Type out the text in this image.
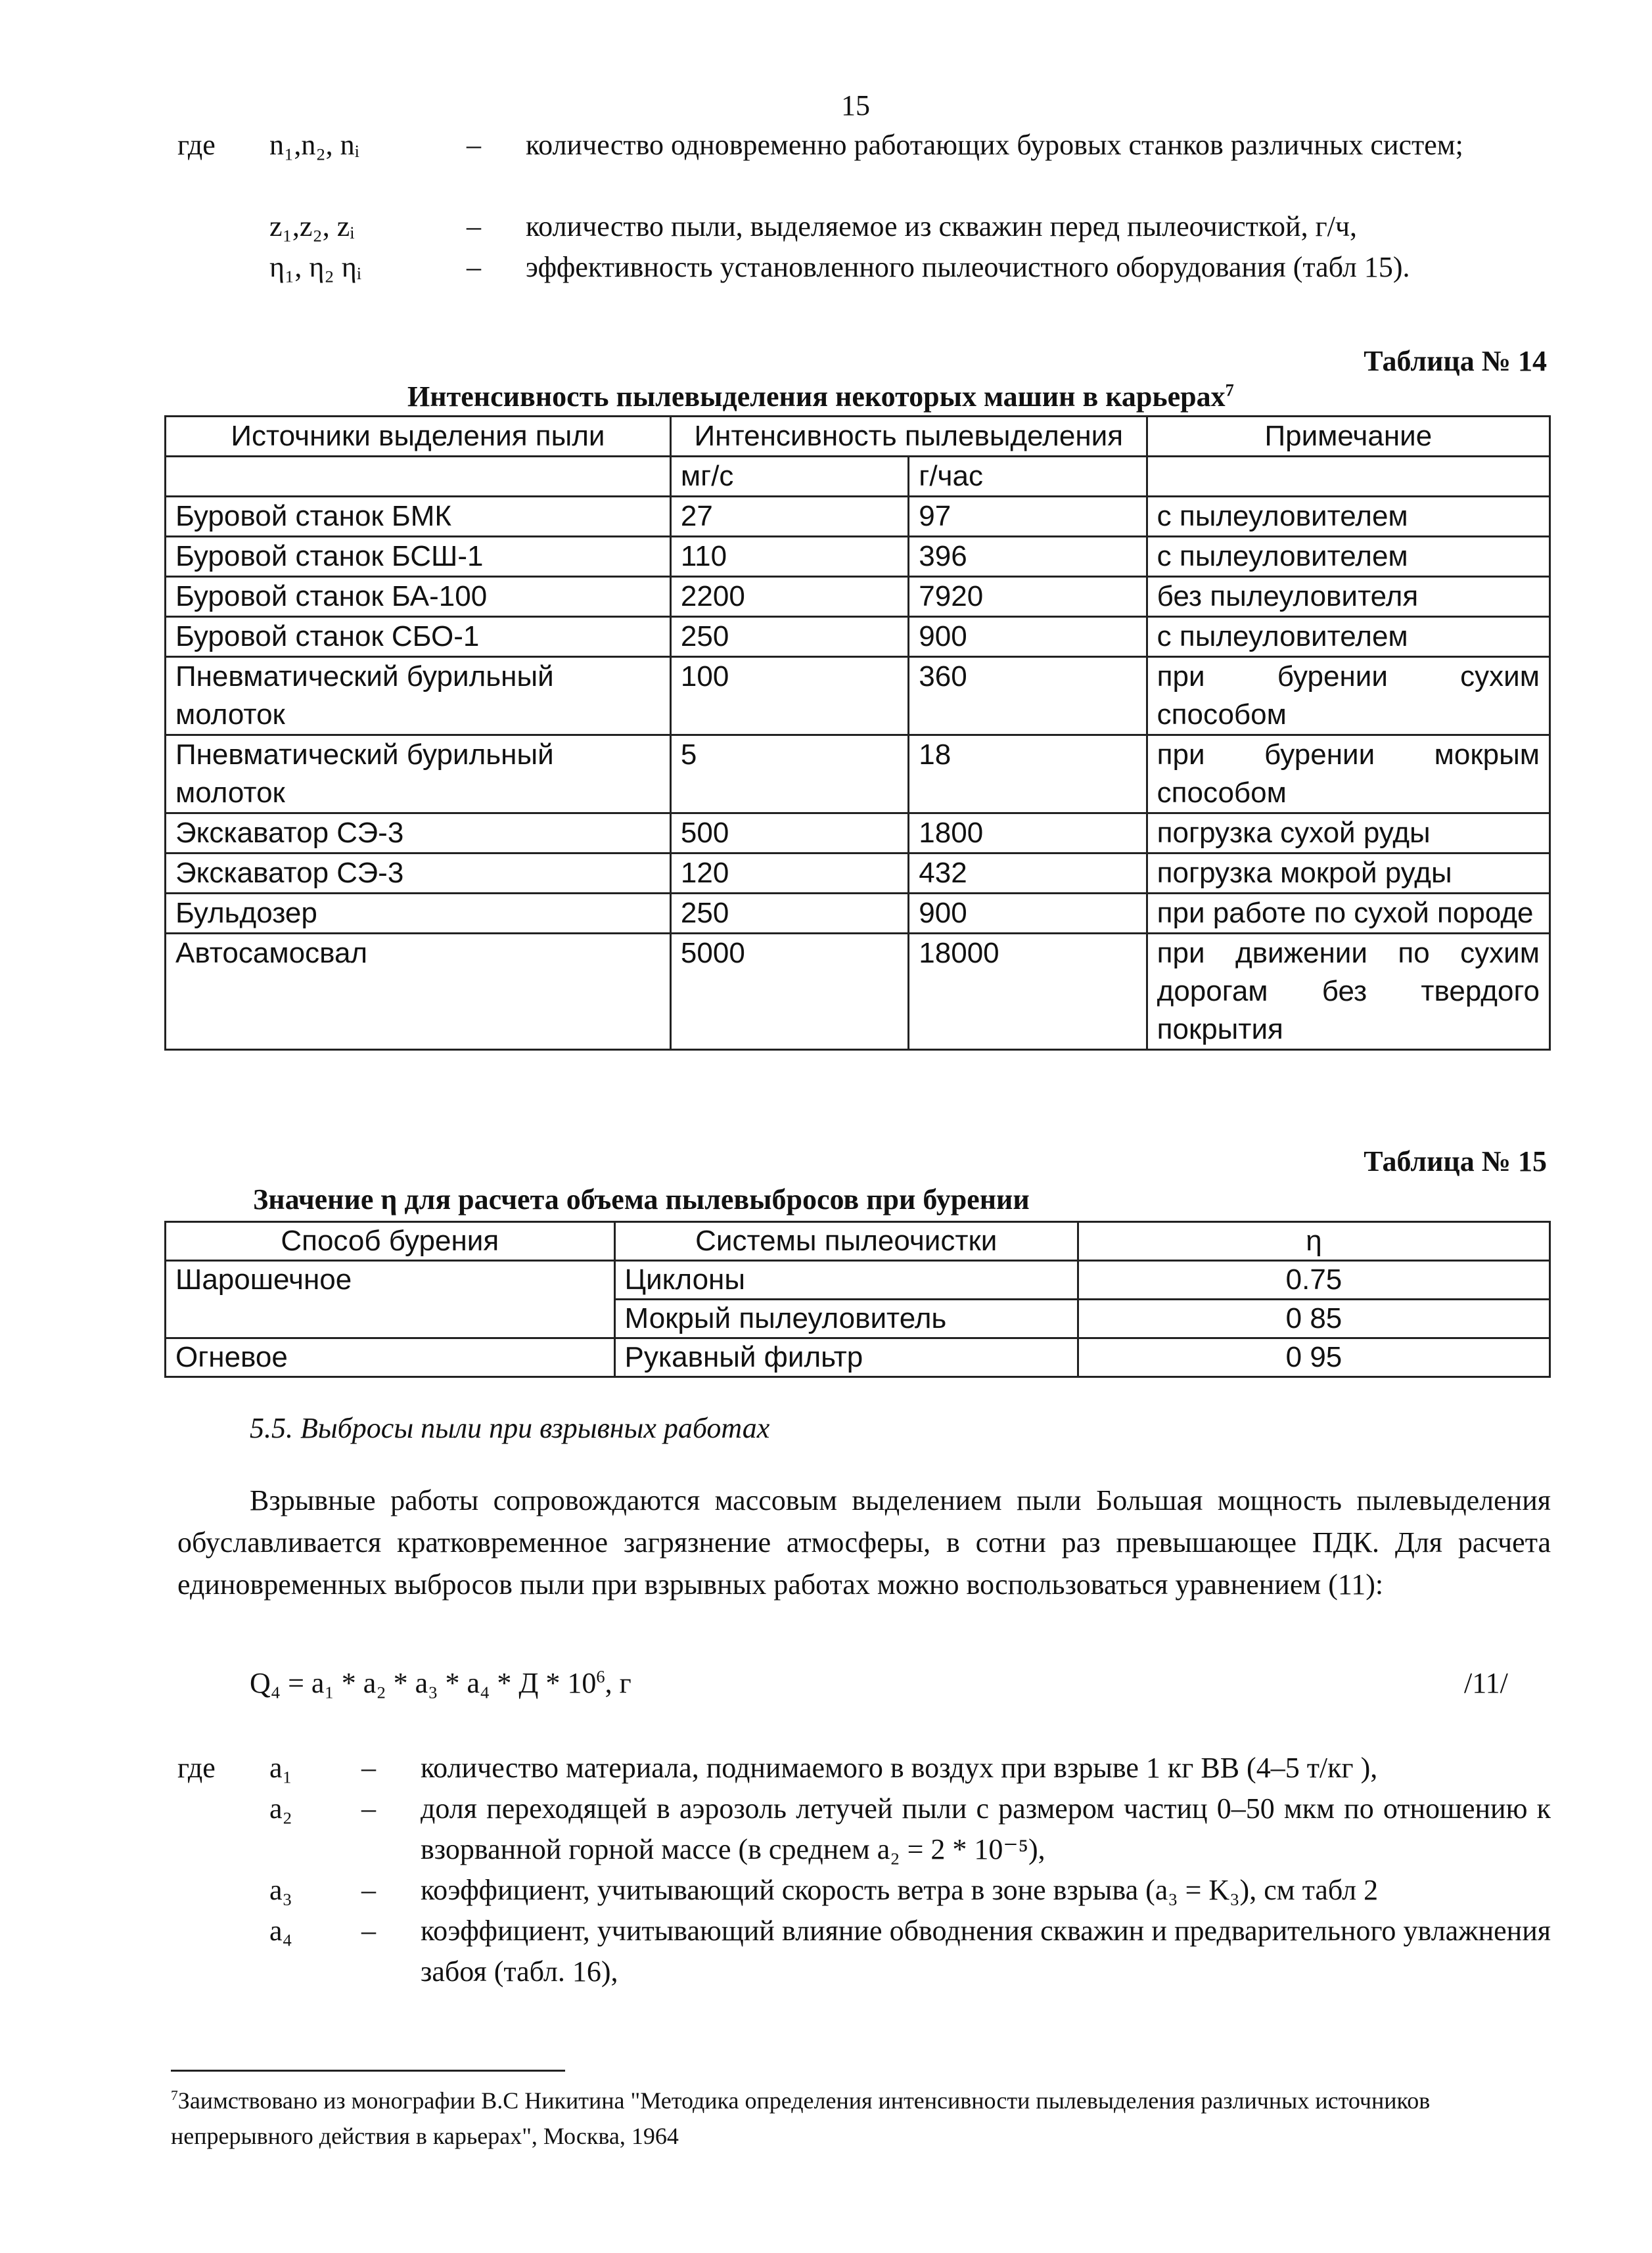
15
где n₁,n₂, nᵢ	– количество одновременно работающих буровых станков различных систем;
z₁,z₂, zᵢ	– количество пыли, выделяемое из скважин перед пылеочисткой, г/ч,
η₁, η₂ ηᵢ	– эффективность установленного пылеочистного оборудования (табл 15).
Таблица № 14
Интенсивность пылевыделения некоторых машин в карьерах$^7$
Источники выделения пыли	Интенсивность пылевыделения		Примечание
	мг/с	г/час	
Буровой станок БМК	27	97	с пылеуловителем
Буровой станок БСШ-1	110	396	с пылеуловителем
Буровой станок БА-100	2200	7920	без пылеуловителя
Буровой станок СБО-1	250	900	с пылеуловителем
Пневматический бурильный молоток	100	360	при бурении сухим способом
Пневматический бурильный молоток	5	18	при бурении мокрым способом
Экскаватор СЭ-3	500	1800	погрузка сухой руды
Экскаватор СЭ-3	120	432	погрузка мокрой руды
Бульдозер	250	900	при работе по сухой породе
Автосамосвал	5000	18000	при движении по сухим дорогам без твердого покрытия
Таблица № 15
Значение η для расчета объема пылевыбросов при бурении
Способ бурения	Системы пылеочистки	η
Шарошечное	Циклоны	0.75
	Мокрый пылеуловитель	0 85
Огневое	Рукавный фильтр	0 95
5.5. Выбросы пыли при взрывных работах
Взрывные работы сопровождаются массовым выделением пыли Большая мощность пылевыделения обуславливается кратковременное загрязнение атмосферы, в сотни раз превышающее ПДК. Для расчета единовременных выбросов пыли при взрывных работах можно воспользоваться уравнением (11):
$Q_4 = a_1 * a_2 * a_3 * a_4 * Д * 10^6$, г	/11/
где a₁ – количество материала, поднимаемого в воздух при взрыве 1 кг ВВ (4–5 т/кг ),
a₂ – доля переходящей в аэрозоль летучей пыли с размером частиц 0–50 мкм по отношению к взорванной горной массе (в среднем a₂ = 2 * 10⁻⁵),
a₃ – коэффициент, учитывающий скорость ветра в зоне взрыва (a₃ = K₃), см табл 2
a₄ – коэффициент, учитывающий влияние обводнения скважин и предварительного увлажнения забоя (табл. 16),
$^7$Заимствовано из монографии В.С Никитина "Методика определения интенсивности пылевыделения различных источников непрерывного действия в карьерах", Москва, 1964
